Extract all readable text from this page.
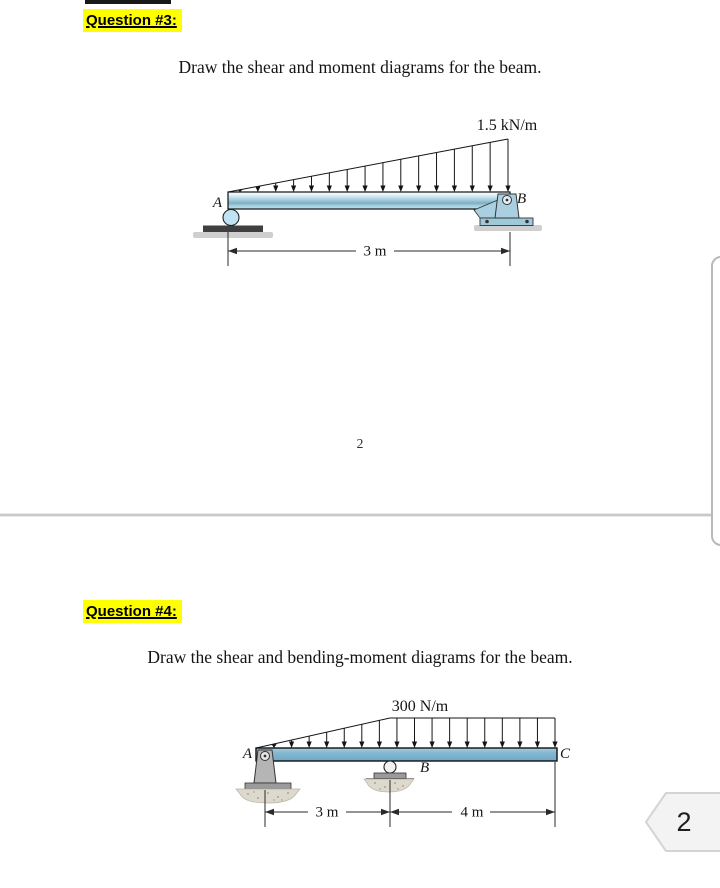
Question #3:
Draw the shear and moment diagrams for the beam.
1.5 kN/m
A	B
3 m
2
Question #4:
Draw the shear and bending-moment diagrams for the beam.
300 N/m
A
B
C
3 m	4 m	2
